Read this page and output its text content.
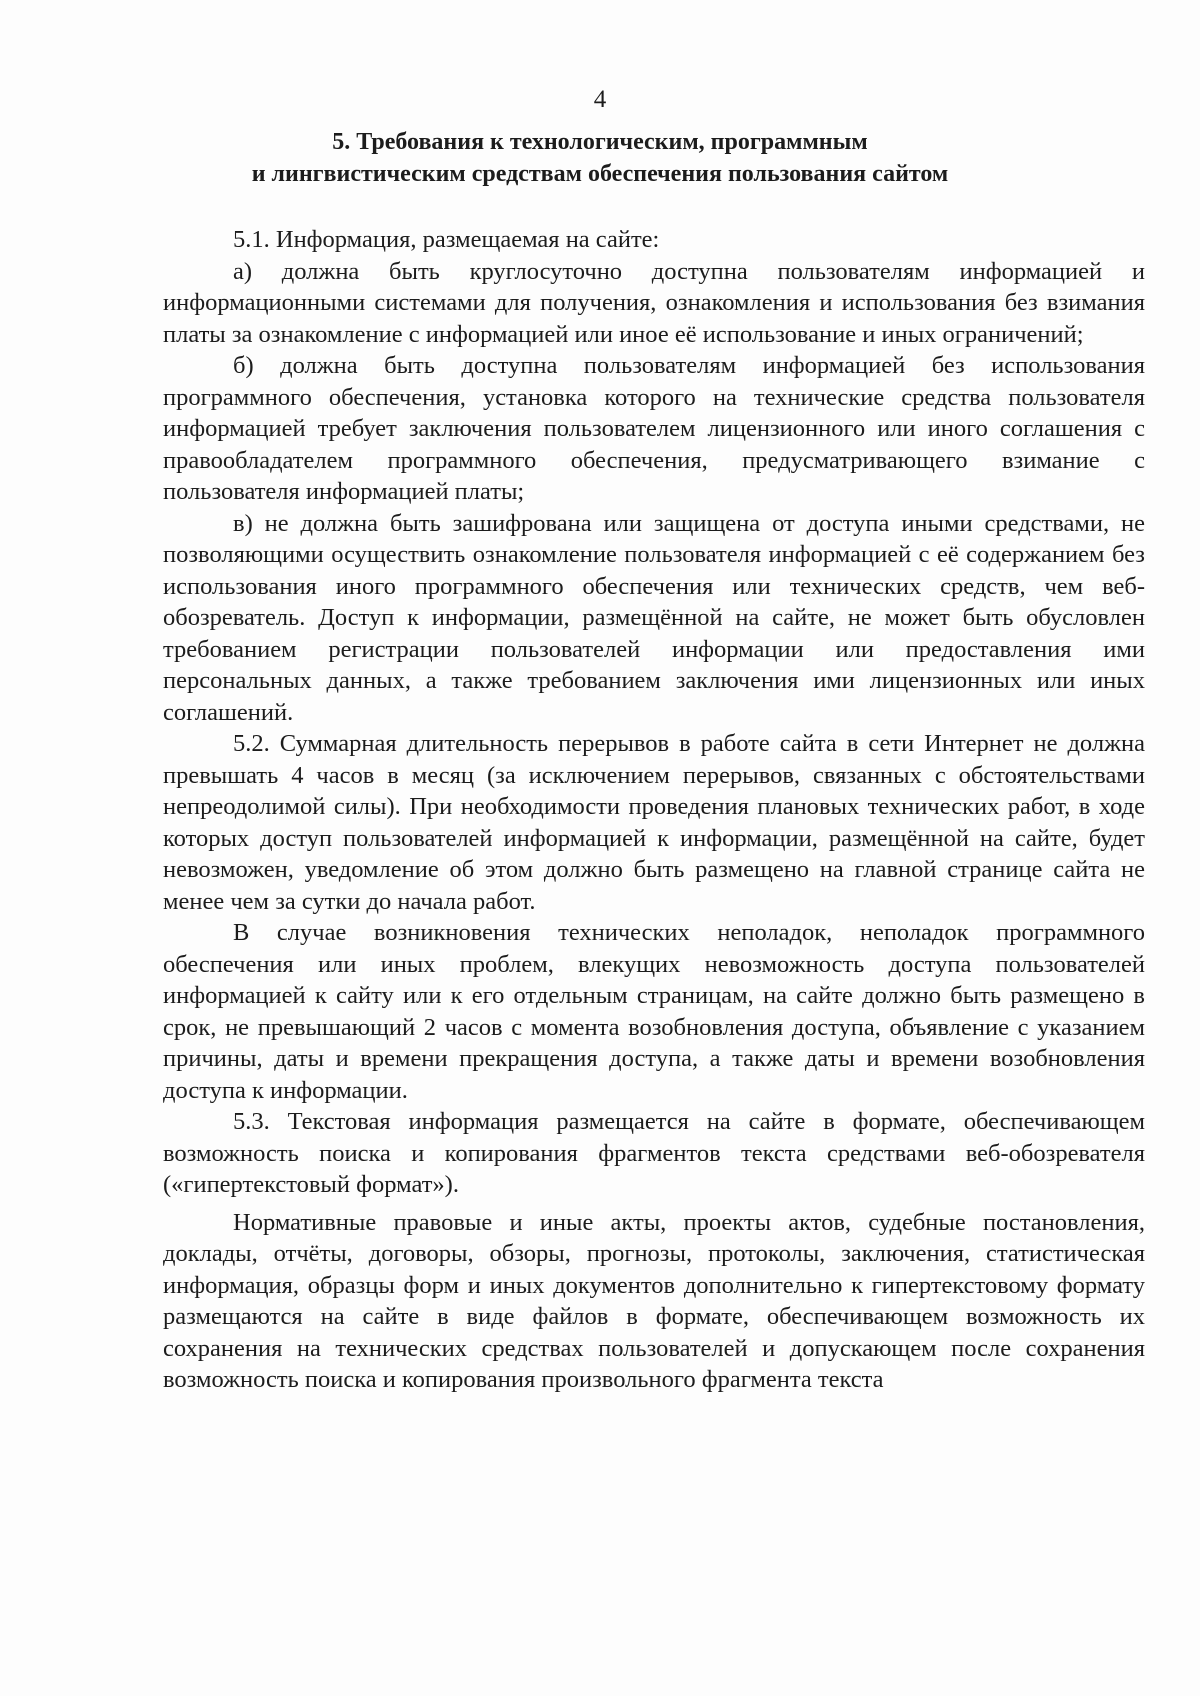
4
5. Требования к технологическим, программным
и лингвистическим средствам обеспечения пользования сайтом

5.1. Информация, размещаемая на сайте:

а) должна быть круглосуточно доступна пользователям информацией и информационными системами для получения, ознакомления и использования без взимания платы за ознакомление с информацией или иное её использование и иных ограничений;

б) должна быть доступна пользователям информацией без использования программного обеспечения, установка которого на технические средства пользователя информацией требует заключения пользователем лицензионного или иного соглашения с правообладателем программного обеспечения, предусматривающего взимание с пользователя информацией платы;

в) не должна быть зашифрована или защищена от доступа иными средствами, не позволяющими осуществить ознакомление пользователя информацией с её содержанием без использования иного программного обеспечения или технических средств, чем веб-обозреватель. Доступ к информации, размещённой на сайте, не может быть обусловлен требованием регистрации пользователей информации или предоставления ими персональных данных, а также требованием заключения ими лицензионных или иных соглашений.

5.2. Суммарная длительность перерывов в работе сайта в сети Интернет не должна превышать 4 часов в месяц (за исключением перерывов, связанных с обстоятельствами непреодолимой силы). При необходимости проведения плановых технических работ, в ходе которых доступ пользователей информацией к информации, размещённой на сайте, будет невозможен, уведомление об этом должно быть размещено на главной странице сайта не менее чем за сутки до начала работ.

В случае возникновения технических неполадок, неполадок программного обеспечения или иных проблем, влекущих невозможность доступа пользователей информацией к сайту или к его отдельным страницам, на сайте должно быть размещено в срок, не превышающий 2 часов с момента возобновления доступа, объявление с указанием причины, даты и времени прекращения доступа, а также даты и времени возобновления доступа к информации.

5.3. Текстовая информация размещается на сайте в формате, обеспечивающем возможность поиска и копирования фрагментов текста средствами веб-обозревателя («гипертекстовый формат»).

Нормативные правовые и иные акты, проекты актов, судебные постановления, доклады, отчёты, договоры, обзоры, прогнозы, протоколы, заключения, статистическая информация, образцы форм и иных документов дополнительно к гипертекстовому формату размещаются на сайте в виде файлов в формате, обеспечивающем возможность их сохранения на технических средствах пользователей и допускающем после сохранения возможность поиска и копирования произвольного фрагмента текста
